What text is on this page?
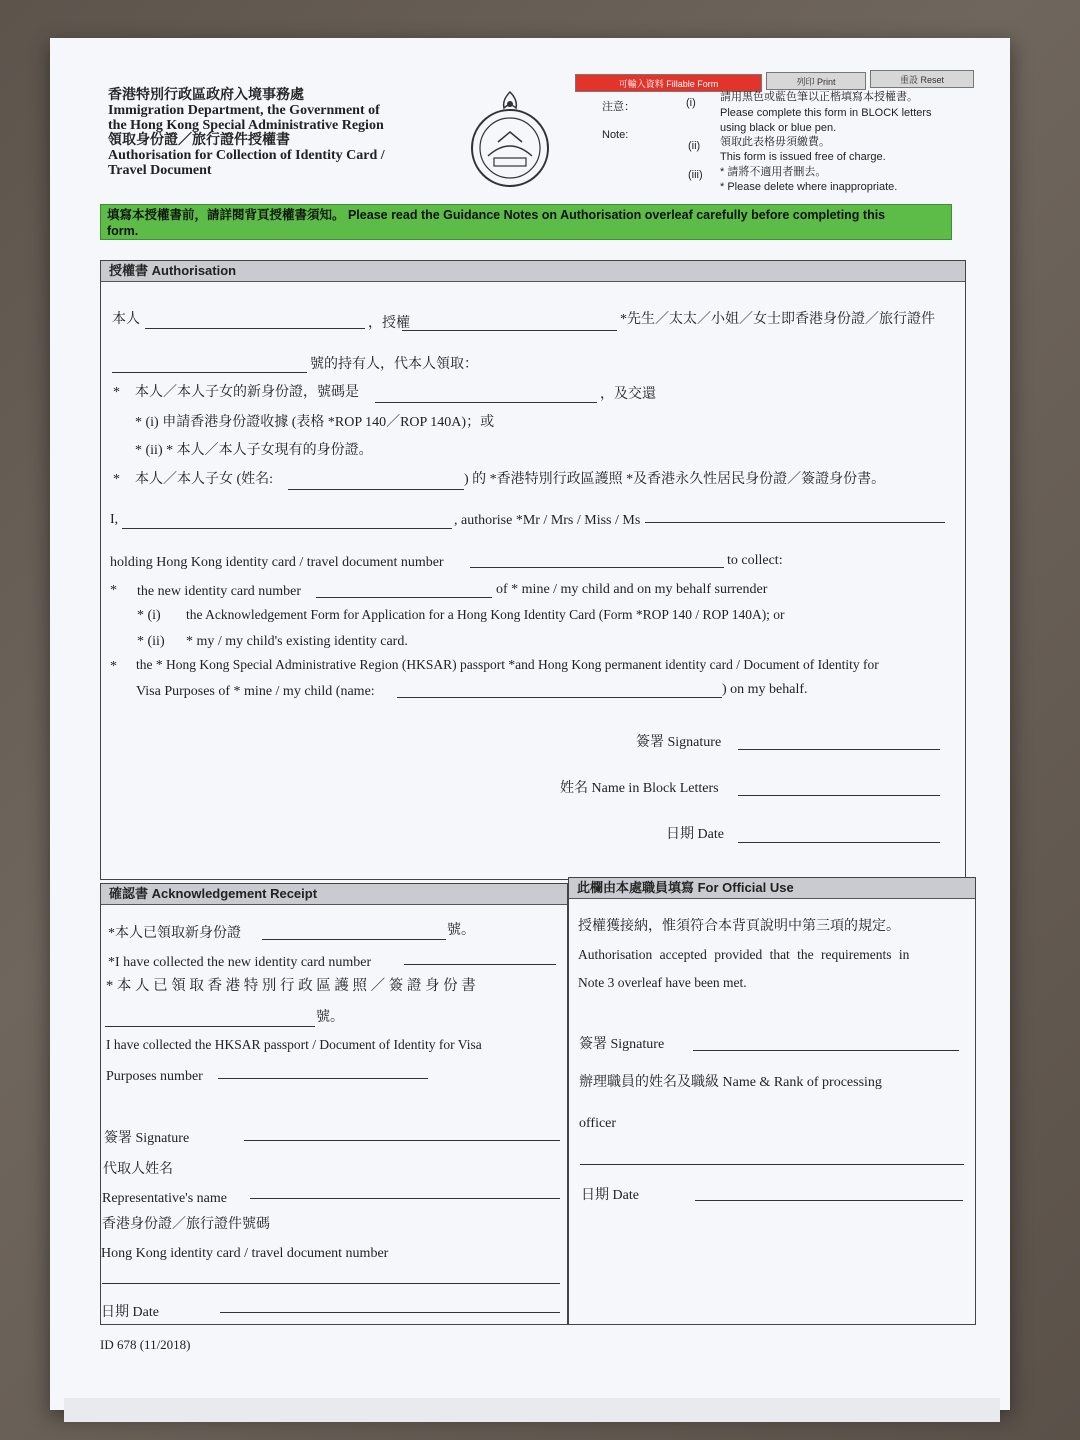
香港特別行政區政府入境事務處
Immigration Department, the Government of
the Hong Kong Special Administrative Region
領取身份證／旅行證件授權書
Authorisation for Collection of Identity Card /
Travel Document
可輸入資料 Fillable Form	列印 Print	重設 Reset
注意：
Note:
(i) 請用黑色或藍色筆以正楷填寫本授權書。
Please complete this form in BLOCK letters
using black or blue pen.
(ii) 領取此表格毋須繳費。
This form is issued free of charge.
(iii) * 請將不適用者刪去。
* Please delete where inappropriate.
填寫本授權書前，請詳閱背頁授權書須知。 Please read the Guidance Notes on Authorisation overleaf carefully before completing this
form.
授權書 Authorisation
本人	，授權	*先生／太太／小姐／女士即香港身份證／旅行證件
號的持有人，代本人領取：
* 本人／本人子女的新身份證，號碼是	，及交還
* (i) 申請香港身份證收據 (表格 *ROP 140／ROP 140A)；或
* (ii) * 本人／本人子女現有的身份證。
* 本人／本人子女 (姓名:	) 的 *香港特別行政區護照 *及香港永久性居民身份證／簽證身份書。
I,	, authorise *Mr / Mrs / Miss / Ms
holding Hong Kong identity card / travel document number	to collect:
* the new identity card number	of * mine / my child and on my behalf surrender
* (i) the Acknowledgement Form for Application for a Hong Kong Identity Card (Form *ROP 140 / ROP 140A); or
* (ii) * my / my child's existing identity card.
* the * Hong Kong Special Administrative Region (HKSAR) passport *and Hong Kong permanent identity card / Document of Identity for
Visa Purposes of * mine / my child (name:	) on my behalf.
簽署 Signature
姓名 Name in Block Letters
日期 Date
確認書 Acknowledgement Receipt
*本人已領取新身份證	號。
*I have collected the new identity card number
* 本 人 已 領 取 香 港 特 別 行 政 區 護 照 ／ 簽 證 身 份 書
號。
I have collected the HKSAR passport / Document of Identity for Visa
Purposes number
簽署 Signature
代取人姓名
Representative's name
香港身份證／旅行證件號碼
Hong Kong identity card / travel document number
日期 Date
此欄由本處職員填寫 For Official Use
授權獲接納，惟須符合本背頁說明中第三項的規定。
Authorisation accepted provided that the requirements in
Note 3 overleaf have been met.
簽署 Signature
辦理職員的姓名及職級 Name & Rank of processing
officer
日期 Date
ID 678 (11/2018)
